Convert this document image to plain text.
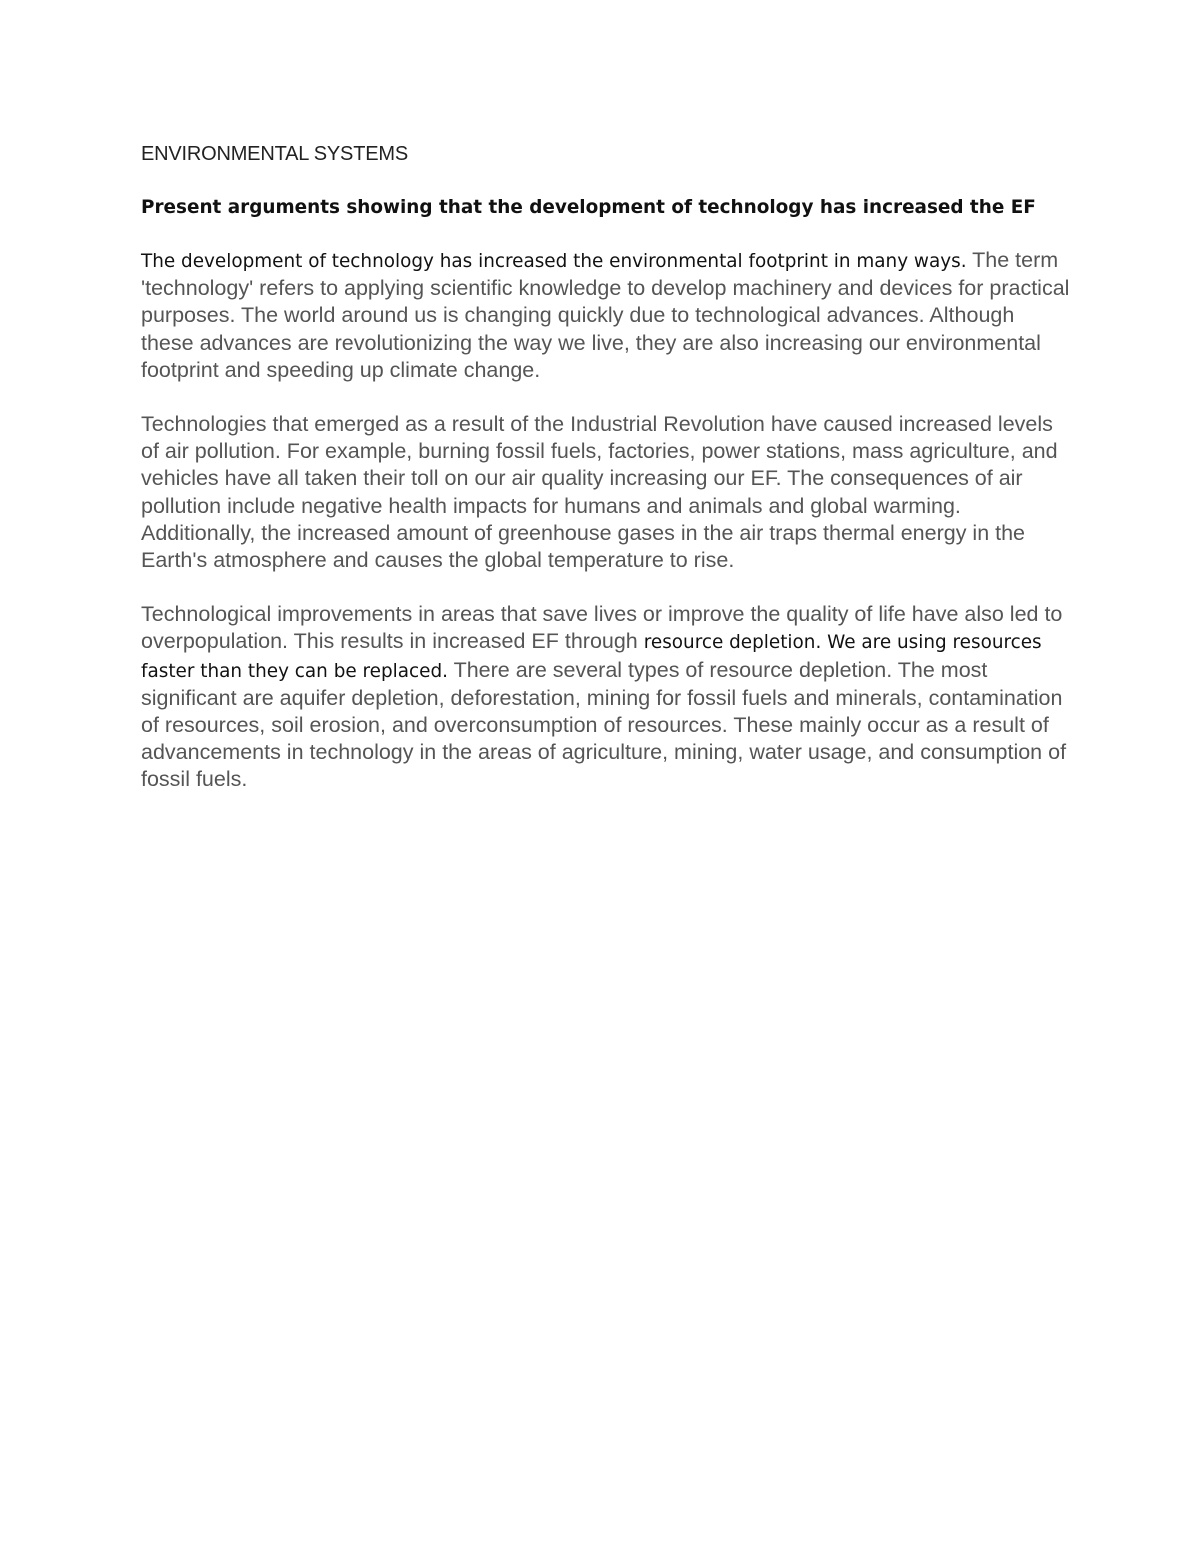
ENVIRONMENTAL SYSTEMS
Present arguments showing that the development of technology has increased the EF

The development of technology has increased the environmental footprint in many ways. The term 'technology' refers to applying scientific knowledge to develop machinery and devices for practical purposes. The world around us is changing quickly due to technological advances. Although these advances are revolutionizing the way we live, they are also increasing our environmental footprint and speeding up climate change.

Technologies that emerged as a result of the Industrial Revolution have caused increased levels of air pollution. For example, burning fossil fuels, factories, power stations, mass agriculture, and vehicles have all taken their toll on our air quality increasing our EF. The consequences of air pollution include negative health impacts for humans and animals and global warming. Additionally, the increased amount of greenhouse gases in the air traps thermal energy in the Earth's atmosphere and causes the global temperature to rise.

Technological improvements in areas that save lives or improve the quality of life have also led to overpopulation. This results in increased EF through resource depletion. We are using resources faster than they can be replaced. There are several types of resource depletion. The most significant are aquifer depletion, deforestation, mining for fossil fuels and minerals, contamination of resources, soil erosion, and overconsumption of resources. These mainly occur as a result of advancements in technology in the areas of agriculture, mining, water usage, and consumption of fossil fuels.
